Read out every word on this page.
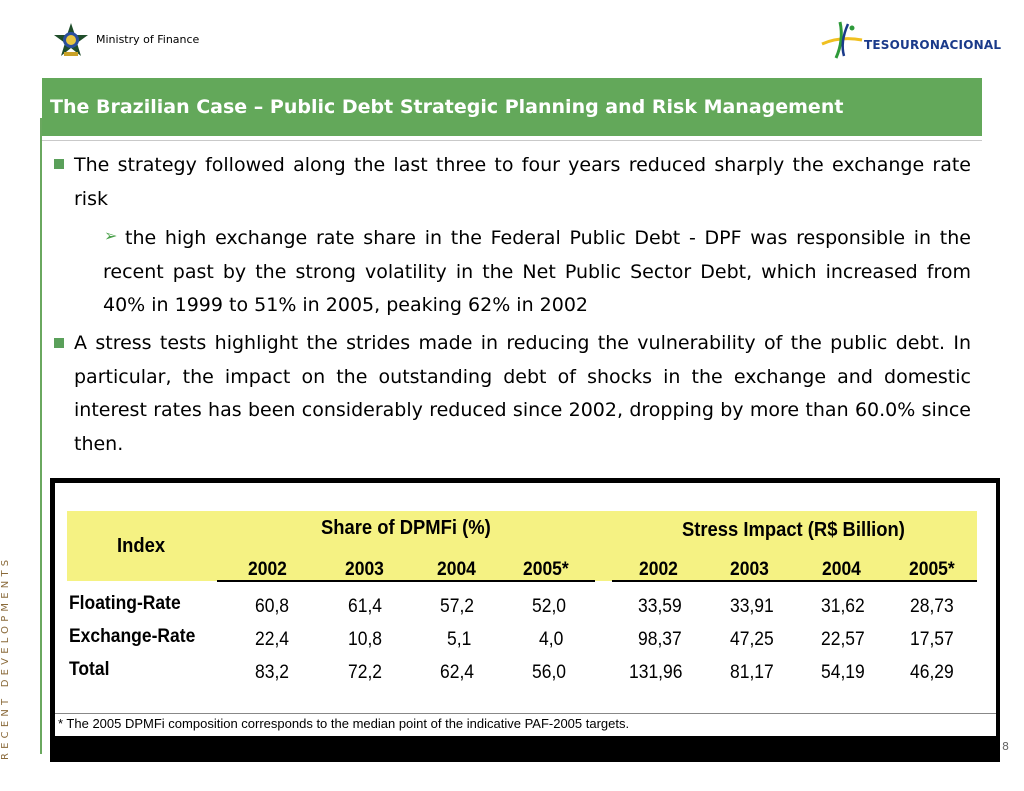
Ministry of Finance	TESOURONACIONAL
The Brazilian Case – Public Debt Strategic Planning and Risk Management
RECENT DEVELOPMENTS
The strategy followed along the last three to four years reduced sharply the exchange rate risk
➢ the high exchange rate share in the Federal Public Debt - DPF was responsible in the recent past by the strong volatility in the Net Public Sector Debt, which increased from 40% in 1999 to 51% in 2005, peaking 62% in 2002
A stress tests highlight the strides made in reducing the vulnerability of the public debt. In particular, the impact on the outstanding debt of shocks in the exchange and domestic interest rates has been considerably reduced since 2002, dropping by more than 60.0% since then.
Index
Share of DPMFi (%)	Stress Impact (R$ Billion)
2002	2003	2004 2005*	2002	2003	2004	2005*
Floating-Rate	60,8	61,4	57,2	52,0	33,59	33,91 31,62 28,73
Exchange-Rate	22,4	10,8	5,1	4,0	98,37	47,25 22,57 17,57
Total	83,2	72,2	62,4	56,0	131,96	81,17 54,19 46,29
* The 2005 DPMFi composition corresponds to the median point of the indicative PAF-2005 targets.
8
